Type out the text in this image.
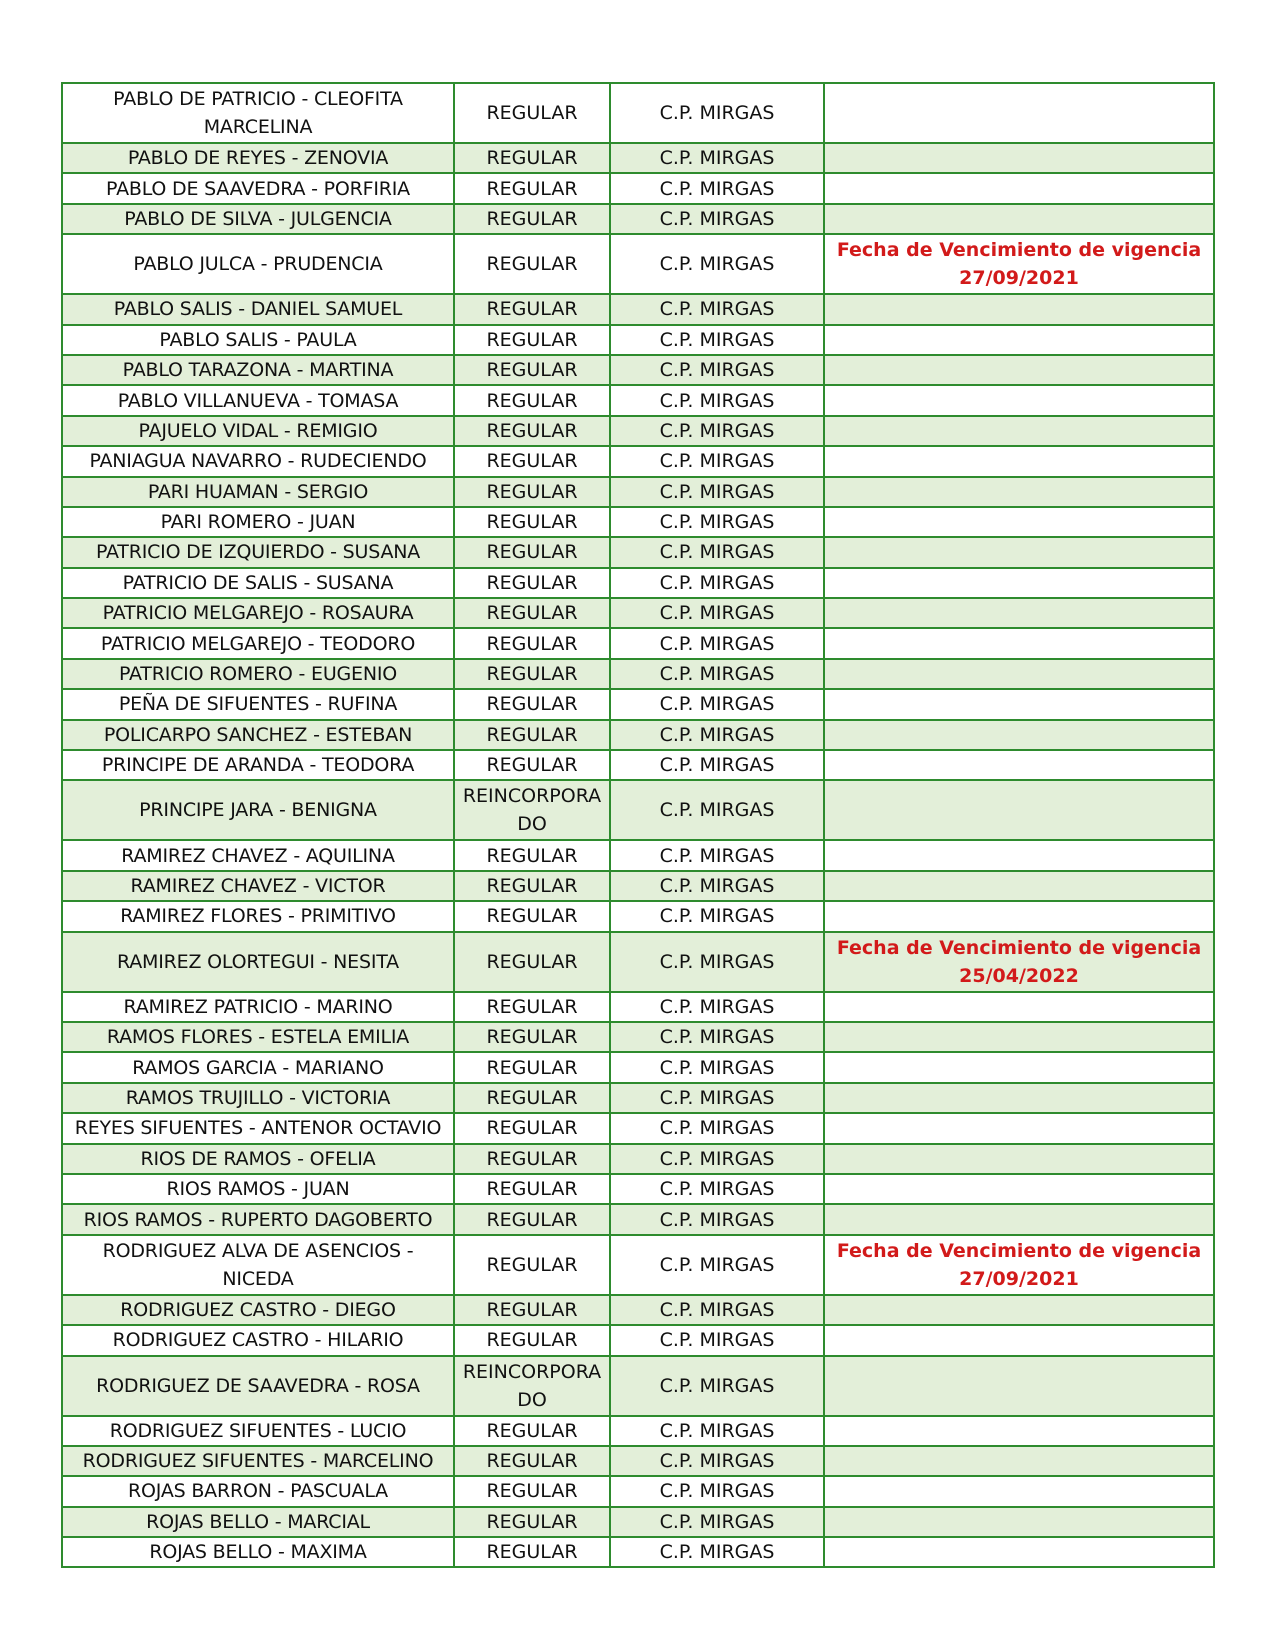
PABLO DE PATRICIO - CLEOFITA MARCELINA	REGULAR	C.P. MIRGAS	
PABLO DE REYES - ZENOVIA	REGULAR	C.P. MIRGAS	
PABLO DE SAAVEDRA - PORFIRIA	REGULAR	C.P. MIRGAS	
PABLO DE SILVA - JULGENCIA	REGULAR	C.P. MIRGAS	
PABLO JULCA - PRUDENCIA	REGULAR	C.P. MIRGAS	Fecha de Vencimiento de vigencia
27/09/2021

PABLO SALIS - DANIEL SAMUEL	REGULAR	C.P. MIRGAS	
PABLO SALIS - PAULA	REGULAR	C.P. MIRGAS	
PABLO TARAZONA - MARTINA	REGULAR	C.P. MIRGAS	
PABLO VILLANUEVA - TOMASA	REGULAR	C.P. MIRGAS	
PAJUELO VIDAL - REMIGIO	REGULAR	C.P. MIRGAS	
PANIAGUA NAVARRO - RUDECIENDO	REGULAR	C.P. MIRGAS	
PARI HUAMAN - SERGIO	REGULAR	C.P. MIRGAS	
PARI ROMERO - JUAN	REGULAR	C.P. MIRGAS	
PATRICIO DE IZQUIERDO - SUSANA	REGULAR	C.P. MIRGAS	
PATRICIO DE SALIS - SUSANA	REGULAR	C.P. MIRGAS	
PATRICIO MELGAREJO - ROSAURA	REGULAR	C.P. MIRGAS	
PATRICIO MELGAREJO - TEODORO	REGULAR	C.P. MIRGAS	
PATRICIO ROMERO - EUGENIO	REGULAR	C.P. MIRGAS	
PEÑA DE SIFUENTES - RUFINA	REGULAR	C.P. MIRGAS	
POLICARPO SANCHEZ - ESTEBAN	REGULAR	C.P. MIRGAS	
PRINCIPE DE ARANDA - TEODORA	REGULAR	C.P. MIRGAS	
PRINCIPE JARA - BENIGNA	REINCORPORADO	C.P. MIRGAS	
RAMIREZ CHAVEZ - AQUILINA	REGULAR	C.P. MIRGAS	
RAMIREZ CHAVEZ - VICTOR	REGULAR	C.P. MIRGAS	
RAMIREZ FLORES - PRIMITIVO	REGULAR	C.P. MIRGAS	
RAMIREZ OLORTEGUI - NESITA	REGULAR	C.P. MIRGAS	Fecha de Vencimiento de vigencia
25/04/2022

RAMIREZ PATRICIO - MARINO	REGULAR	C.P. MIRGAS	
RAMOS FLORES - ESTELA EMILIA	REGULAR	C.P. MIRGAS	
RAMOS GARCIA - MARIANO	REGULAR	C.P. MIRGAS	
RAMOS TRUJILLO - VICTORIA	REGULAR	C.P. MIRGAS	
REYES SIFUENTES - ANTENOR OCTAVIO	REGULAR	C.P. MIRGAS	
RIOS DE RAMOS - OFELIA	REGULAR	C.P. MIRGAS	
RIOS RAMOS - JUAN	REGULAR	C.P. MIRGAS	
RIOS RAMOS - RUPERTO DAGOBERTO	REGULAR	C.P. MIRGAS	
RODRIGUEZ ALVA DE ASENCIOS - NICEDA	REGULAR	C.P. MIRGAS	Fecha de Vencimiento de vigencia
27/09/2021

RODRIGUEZ CASTRO - DIEGO	REGULAR	C.P. MIRGAS	
RODRIGUEZ CASTRO - HILARIO	REGULAR	C.P. MIRGAS	
RODRIGUEZ DE SAAVEDRA - ROSA	REINCORPORADO	C.P. MIRGAS	
RODRIGUEZ SIFUENTES - LUCIO	REGULAR	C.P. MIRGAS	
RODRIGUEZ SIFUENTES - MARCELINO	REGULAR	C.P. MIRGAS	
ROJAS BARRON - PASCUALA	REGULAR	C.P. MIRGAS	
ROJAS BELLO - MARCIAL	REGULAR	C.P. MIRGAS	
ROJAS BELLO - MAXIMA	REGULAR	C.P. MIRGAS	
